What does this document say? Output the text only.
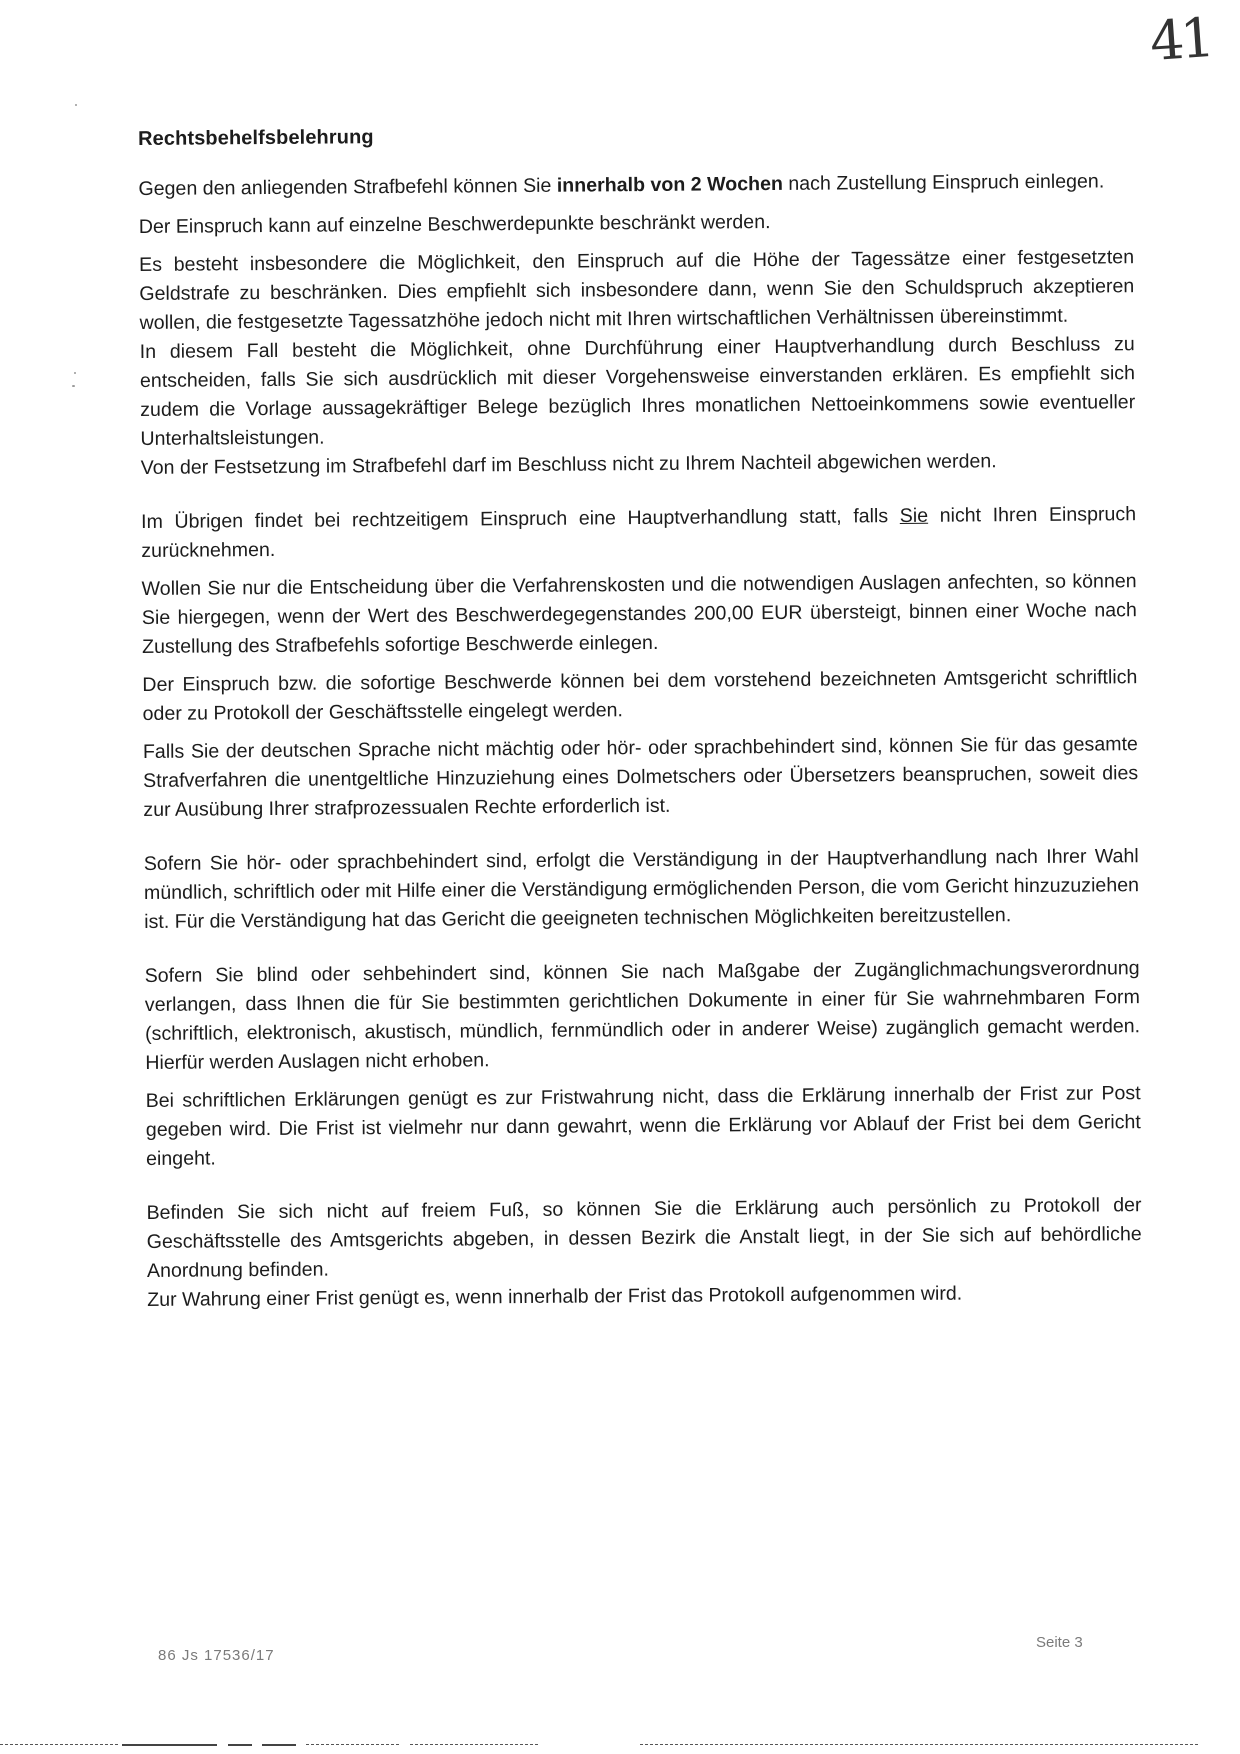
41
Rechtsbehelfsbelehrung

Gegen den anliegenden Strafbefehl können Sie innerhalb von 2 Wochen nach Zustellung Einspruch einlegen.

Der Einspruch kann auf einzelne Beschwerdepunkte beschränkt werden.

Es besteht insbesondere die Möglichkeit, den Einspruch auf die Höhe der Tagessätze einer festgesetzten Geldstrafe zu beschränken. Dies empfiehlt sich insbesondere dann, wenn Sie den Schuldspruch akzeptieren wollen, die festgesetzte Tagessatzhöhe jedoch nicht mit Ihren wirtschaftlichen Verhältnissen übereinstimmt.

In diesem Fall besteht die Möglichkeit, ohne Durchführung einer Hauptverhandlung durch Beschluss zu entscheiden, falls Sie sich ausdrücklich mit dieser Vorgehensweise einverstanden erklären. Es empfiehlt sich zudem die Vorlage aussagekräftiger Belege bezüglich Ihres monatlichen Nettoeinkommens sowie eventueller Unterhaltsleistungen.

Von der Festsetzung im Strafbefehl darf im Beschluss nicht zu Ihrem Nachteil abgewichen werden.

Im Übrigen findet bei rechtzeitigem Einspruch eine Hauptverhandlung statt, falls Sie nicht Ihren Einspruch zurücknehmen.

Wollen Sie nur die Entscheidung über die Verfahrenskosten und die notwendigen Auslagen anfechten, so können Sie hiergegen, wenn der Wert des Beschwerdegegenstandes 200,00 EUR übersteigt, binnen einer Woche nach Zustellung des Strafbefehls sofortige Beschwerde einlegen.

Der Einspruch bzw. die sofortige Beschwerde können bei dem vorstehend bezeichneten Amtsgericht schriftlich oder zu Protokoll der Geschäftsstelle eingelegt werden.

Falls Sie der deutschen Sprache nicht mächtig oder hör- oder sprachbehindert sind, können Sie für das gesamte Strafverfahren die unentgeltliche Hinzuziehung eines Dolmetschers oder Übersetzers beanspruchen, soweit dies zur Ausübung Ihrer strafprozessualen Rechte erforderlich ist.

Sofern Sie hör- oder sprachbehindert sind, erfolgt die Verständigung in der Hauptverhandlung nach Ihrer Wahl mündlich, schriftlich oder mit Hilfe einer die Verständigung ermöglichenden Person, die vom Gericht hinzuzuziehen ist. Für die Verständigung hat das Gericht die geeigneten technischen Möglichkeiten bereitzustellen.

Sofern Sie blind oder sehbehindert sind, können Sie nach Maßgabe der Zugänglichmachungsverordnung verlangen, dass Ihnen die für Sie bestimmten gerichtlichen Dokumente in einer für Sie wahrnehmbaren Form (schriftlich, elektronisch, akustisch, mündlich, fernmündlich oder in anderer Weise) zugänglich gemacht werden. Hierfür werden Auslagen nicht erhoben.

Bei schriftlichen Erklärungen genügt es zur Fristwahrung nicht, dass die Erklärung innerhalb der Frist zur Post gegeben wird. Die Frist ist vielmehr nur dann gewahrt, wenn die Erklärung vor Ablauf der Frist bei dem Gericht eingeht.

Befinden Sie sich nicht auf freiem Fuß, so können Sie die Erklärung auch persönlich zu Protokoll der Geschäftsstelle des Amtsgerichts abgeben, in dessen Bezirk die Anstalt liegt, in der Sie sich auf behördliche Anordnung befinden.

Zur Wahrung einer Frist genügt es, wenn innerhalb der Frist das Protokoll aufgenommen wird.

86 Js 17536/17
Seite 3
